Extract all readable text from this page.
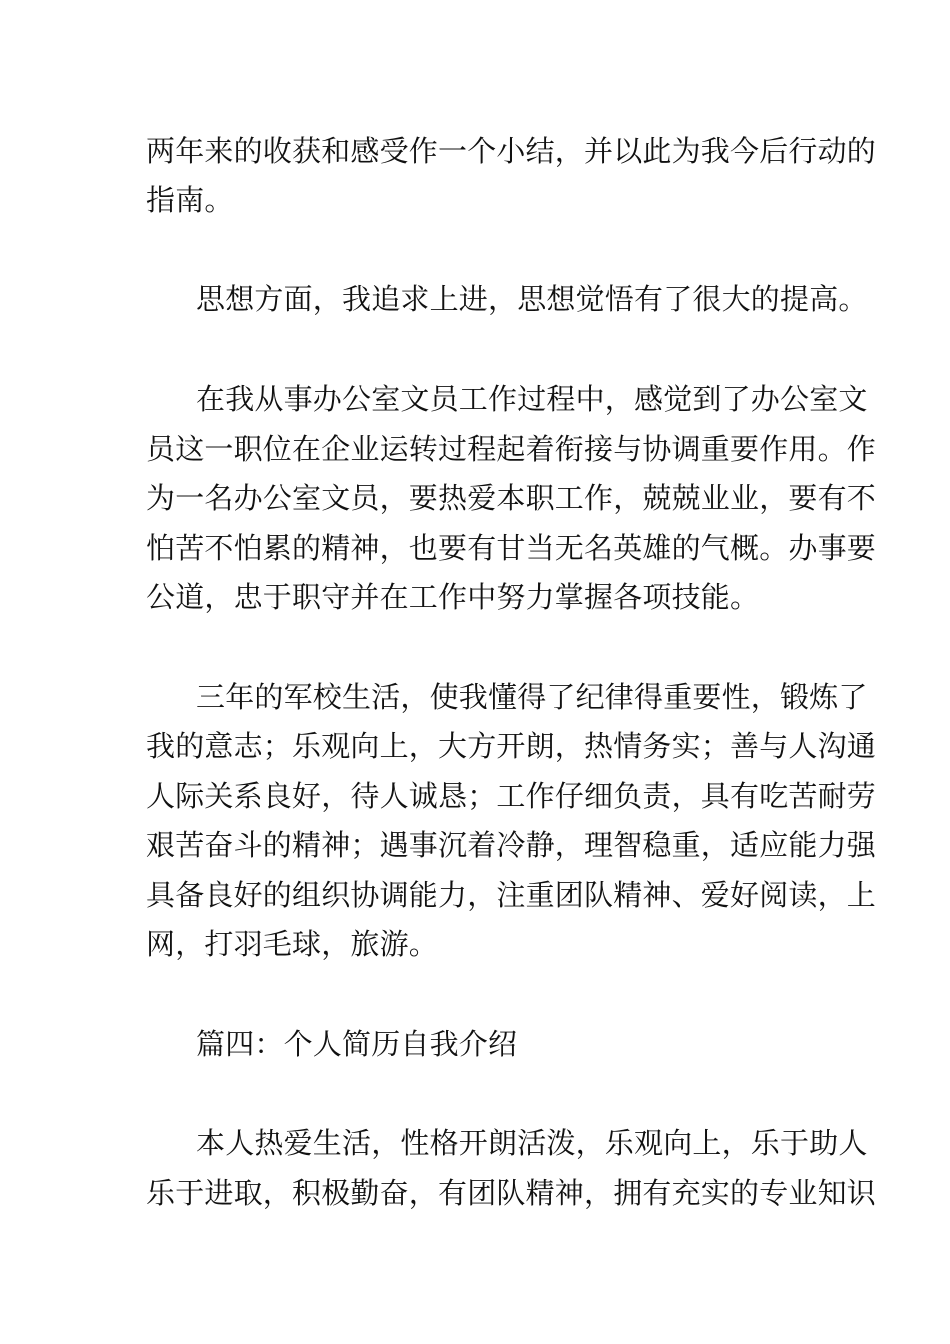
两年来的收获和感受作一个小结，并以此为我今后行动的
指南。
思想方面，我追求上进，思想觉悟有了很大的提高。
在我从事办公室文员工作过程中，感觉到了办公室文
员这一职位在企业运转过程起着衔接与协调重要作用。作
为一名办公室文员，要热爱本职工作，兢兢业业，要有不
怕苦不怕累的精神，也要有甘当无名英雄的气概。办事要
公道，忠于职守并在工作中努力掌握各项技能。
三年的军校生活，使我懂得了纪律得重要性，锻炼了
我的意志；乐观向上，大方开朗，热情务实；善与人沟通
人际关系良好，待人诚恳；工作仔细负责，具有吃苦耐劳
艰苦奋斗的精神；遇事沉着冷静，理智稳重，适应能力强
具备良好的组织协调能力，注重团队精神、爱好阅读，上
网，打羽毛球，旅游。
篇四：个人简历自我介绍
本人热爱生活，性格开朗活泼，乐观向上，乐于助人
乐于进取，积极勤奋，有团队精神，拥有充实的专业知识
